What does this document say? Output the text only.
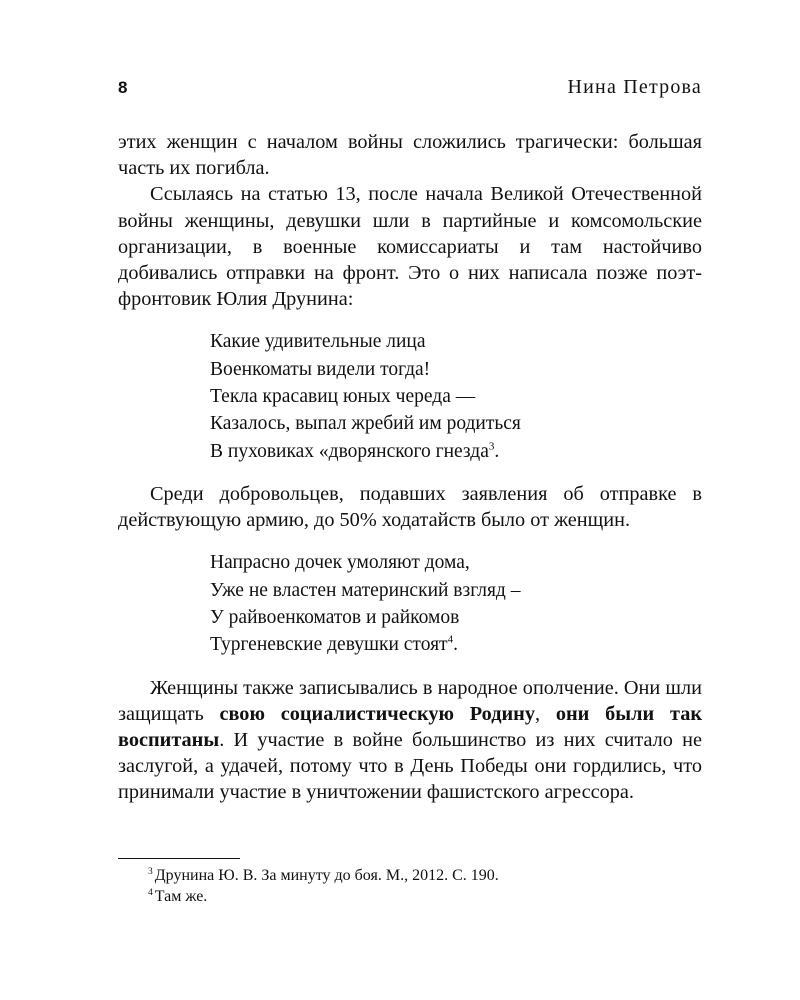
8	Нина Петрова

этих женщин с началом войны сложились трагически: большая часть их погибла.

Ссылаясь на статью 13, после начала Великой Отечественной войны женщины, девушки шли в партийные и комсомольские организации, в военные комиссариаты и там настойчиво добивались отправки на фронт. Это о них написала позже поэт-фронтовик Юлия Друнина:

Какие удивительные лица
Военкоматы видели тогда!
Текла красавиц юных череда —
Казалось, выпал жребий им родиться
В пуховиках «дворянского гнезда$^3$.

Среди добровольцев, подавших заявления об отправке в действующую армию, до 50% ходатайств было от женщин.

Напрасно дочек умоляют дома,
Уже не властен материнский взгляд –
У райвоенкоматов и райкомов
Тургеневские девушки стоят$^4$.

Женщины также записывались в народное ополчение. Они шли защищать свою социалистическую Родину, они были так воспитаны. И участие в войне большинство из них считало не заслугой, а удачей, потому что в День Победы они гордились, что принимали участие в уничтожении фашистского агрессора.

$^3$ Друнина Ю. В. За минуту до боя. М., 2012. С. 190.
$^4$ Там же.
